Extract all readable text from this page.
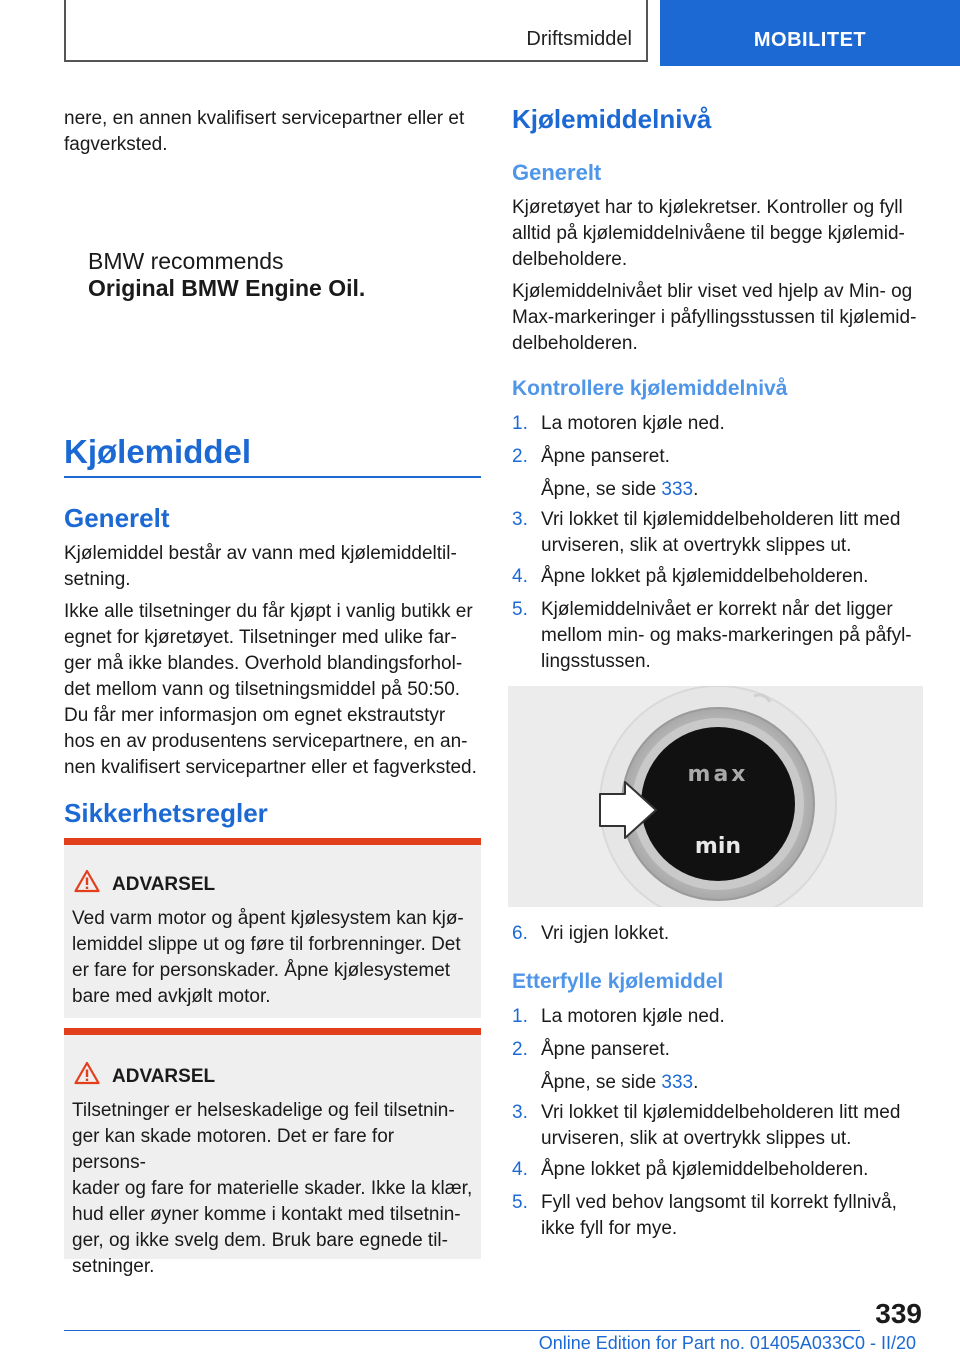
Driftsmiddel	MOBILITET
nere, en annen kvalifisert servicepartner eller et
fagverksted.
BMW recommends
Original BMW Engine Oil.
Kjølemiddel
Generelt
Kjølemiddel består av vann med kjølemiddeltil-
setning.
Ikke alle tilsetninger du får kjøpt i vanlig butikk er
egnet for kjøretøyet. Tilsetninger med ulike far-
ger må ikke blandes. Overhold blandingsforhol-
det mellom vann og tilsetningsmiddel på 50:50.
Du får mer informasjon om egnet ekstrautstyr
hos en av produsentens servicepartnere, en an-
nen kvalifisert servicepartner eller et fagverksted.
Sikkerhetsregler
ADVARSEL
Ved varm motor og åpent kjølesystem kan kjø-
lemiddel slippe ut og føre til forbrenninger. Det
er fare for personskader. Åpne kjølesystemet
bare med avkjølt motor.
ADVARSEL
Tilsetninger er helseskadelige og feil tilsetnin-
ger kan skade motoren. Det er fare for persons-
kader og fare for materielle skader. Ikke la klær,
hud eller øyner komme i kontakt med tilsetnin-
ger, og ikke svelg dem. Bruk bare egnede til-
setninger.
Kjølemiddelnivå
Generelt
Kjøretøyet har to kjølekretser. Kontroller og fyll
alltid på kjølemiddelnivåene til begge kjølemid-
delbeholdere.
Kjølemiddelnivået blir viset ved hjelp av Min- og
Max-markeringer i påfyllingsstussen til kjølemid-
delbeholderen.
Kontrollere kjølemiddelnivå
1. La motoren kjøle ned.
2. Åpne panseret.
Åpne, se side 333.
3. Vri lokket til kjølemiddelbeholderen litt med
urviseren, slik at overtrykk slippes ut.
4. Åpne lokket på kjølemiddelbeholderen.
5. Kjølemiddelnivået er korrekt når det ligger
mellom min- og maks-markeringen på påfyl-
lingsstussen.
max
min
6. Vri igjen lokket.
Etterfylle kjølemiddel
1. La motoren kjøle ned.
2. Åpne panseret.
Åpne, se side 333.
3. Vri lokket til kjølemiddelbeholderen litt med
urviseren, slik at overtrykk slippes ut.
4. Åpne lokket på kjølemiddelbeholderen.
5. Fyll ved behov langsomt til korrekt fyllnivå,
ikke fyll for mye.
339
Online Edition for Part no. 01405A033C0 - II/20
